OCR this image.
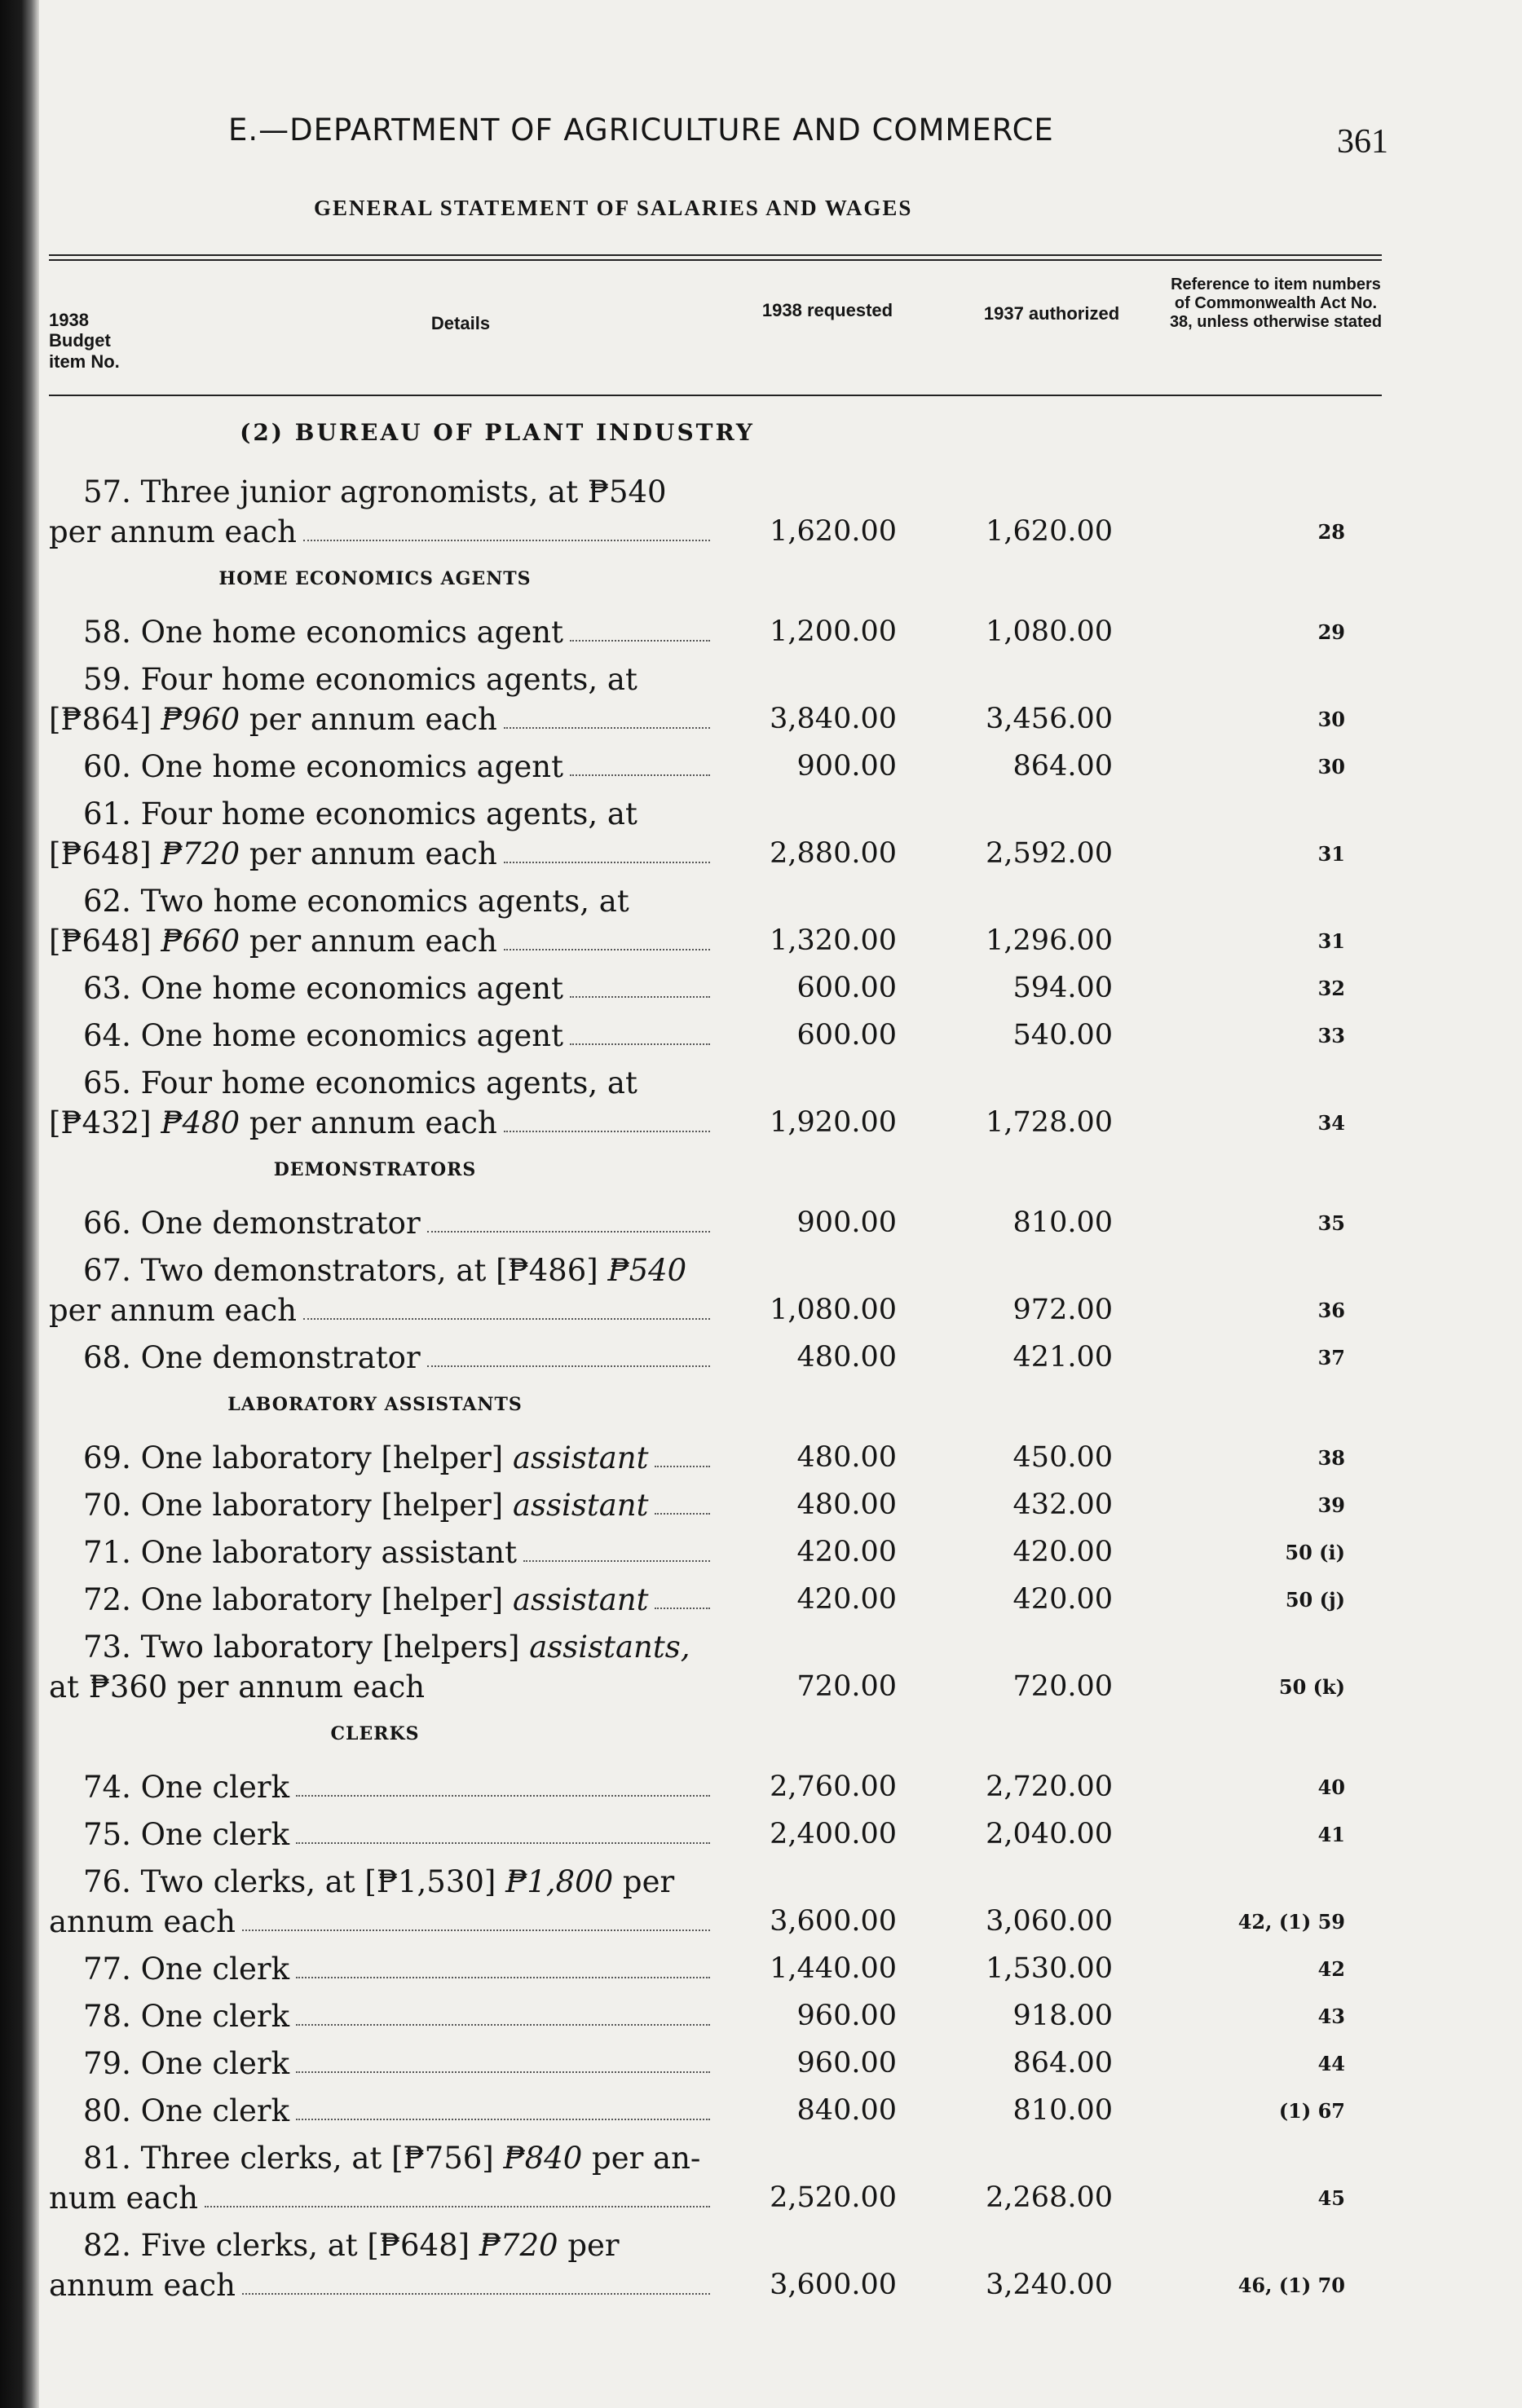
E.—DEPARTMENT OF AGRICULTURE AND COMMERCE	361
GENERAL STATEMENT OF SALARIES AND WAGES
1938 Budget item No.
Details
1938 requested	1937 authorized
Reference to item numbers of Commonwealth Act No. 38, unless otherwise stated
(2) BUREAU OF PLANT INDUSTRY
57. Three junior agronomists, at ₱540
per annum each	1,620.00	1,620.00	28
HOME ECONOMICS AGENTS
58. One home economics agent	1,200.00	1,080.00	29
59. Four home economics agents, at
[₱864] ₱960 per annum each	3,840.00	3,456.00	30
60. One home economics agent	900.00	864.00	30
61. Four home economics agents, at
[₱648] ₱720 per annum each	2,880.00	2,592.00	31
62. Two home economics agents, at
[₱648] ₱660 per annum each	1,320.00	1,296.00	31
63. One home economics agent	600.00	594.00	32
64. One home economics agent	600.00	540.00	33
65. Four home economics agents, at
[₱432] ₱480 per annum each	1,920.00	1,728.00	34
DEMONSTRATORS
66. One demonstrator	900.00	810.00	35
67. Two demonstrators, at [₱486] ₱540
per annum each	1,080.00	972.00	36
68. One demonstrator	480.00	421.00	37
LABORATORY ASSISTANTS
69. One laboratory [helper] assistant	480.00	450.00	38
70. One laboratory [helper] assistant	480.00	432.00	39
71. One laboratory assistant	420.00	420.00	50 (i)
72. One laboratory [helper] assistant	420.00	420.00	50 (j)
73. Two laboratory [helpers] assistants,
at ₱360 per annum each	720.00	720.00	50 (k)
CLERKS
74. One clerk	2,760.00	2,720.00	40
75. One clerk	2,400.00	2,040.00	41
76. Two clerks, at [₱1,530] ₱1,800 per
annum each	3,600.00	3,060.00	42, (1) 59
77. One clerk	1,440.00	1,530.00	42
78. One clerk	960.00	918.00	43
79. One clerk	960.00	864.00	44
80. One clerk	840.00	810.00	(1) 67
81. Three clerks, at [₱756] ₱840 per an-
num each	2,520.00	2,268.00	45
82. Five clerks, at [₱648] ₱720 per
annum each	3,600.00	3,240.00	46, (1) 70
